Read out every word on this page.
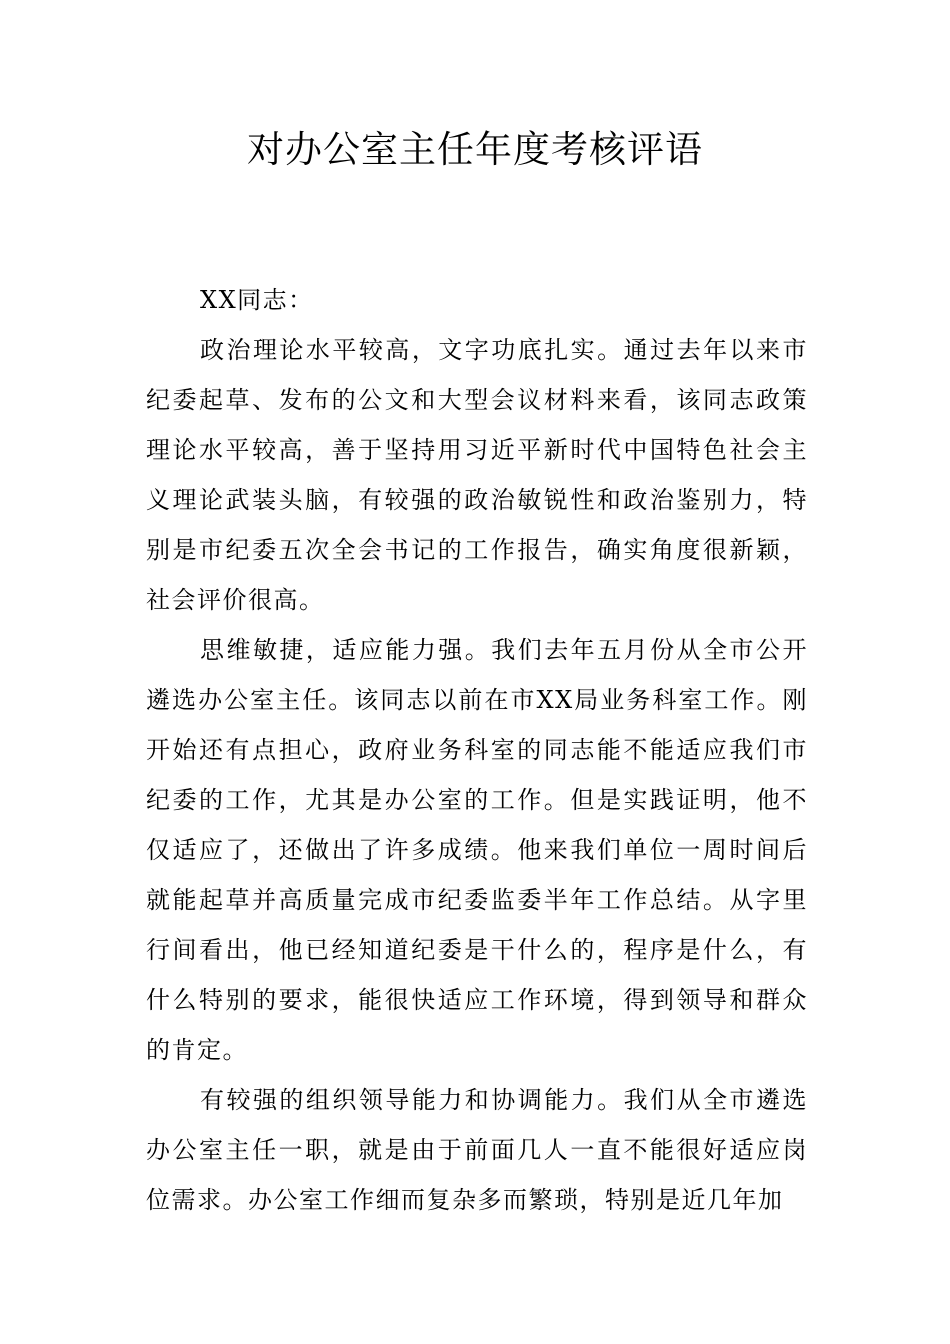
对办公室主任年度考核评语

XX同志：

政治理论水平较高，文字功底扎实。通过去年以来市纪委起草、发布的公文和大型会议材料来看，该同志政策理论水平较高，善于坚持用习近平新时代中国特色社会主义理论武装头脑，有较强的政治敏锐性和政治鉴别力，特别是市纪委五次全会书记的工作报告，确实角度很新颖，社会评价很高。

思维敏捷，适应能力强。我们去年五月份从全市公开遴选办公室主任。该同志以前在市XX局业务科室工作。刚开始还有点担心，政府业务科室的同志能不能适应我们市纪委的工作，尤其是办公室的工作。但是实践证明，他不仅适应了，还做出了许多成绩。他来我们单位一周时间后就能起草并高质量完成市纪委监委半年工作总结。从字里行间看出，他已经知道纪委是干什么的，程序是什么，有什么特别的要求，能很快适应工作环境，得到领导和群众的肯定。

有较强的组织领导能力和协调能力。我们从全市遴选办公室主任一职，就是由于前面几人一直不能很好适应岗位需求。办公室工作细而复杂多而繁琐，特别是近几年加
